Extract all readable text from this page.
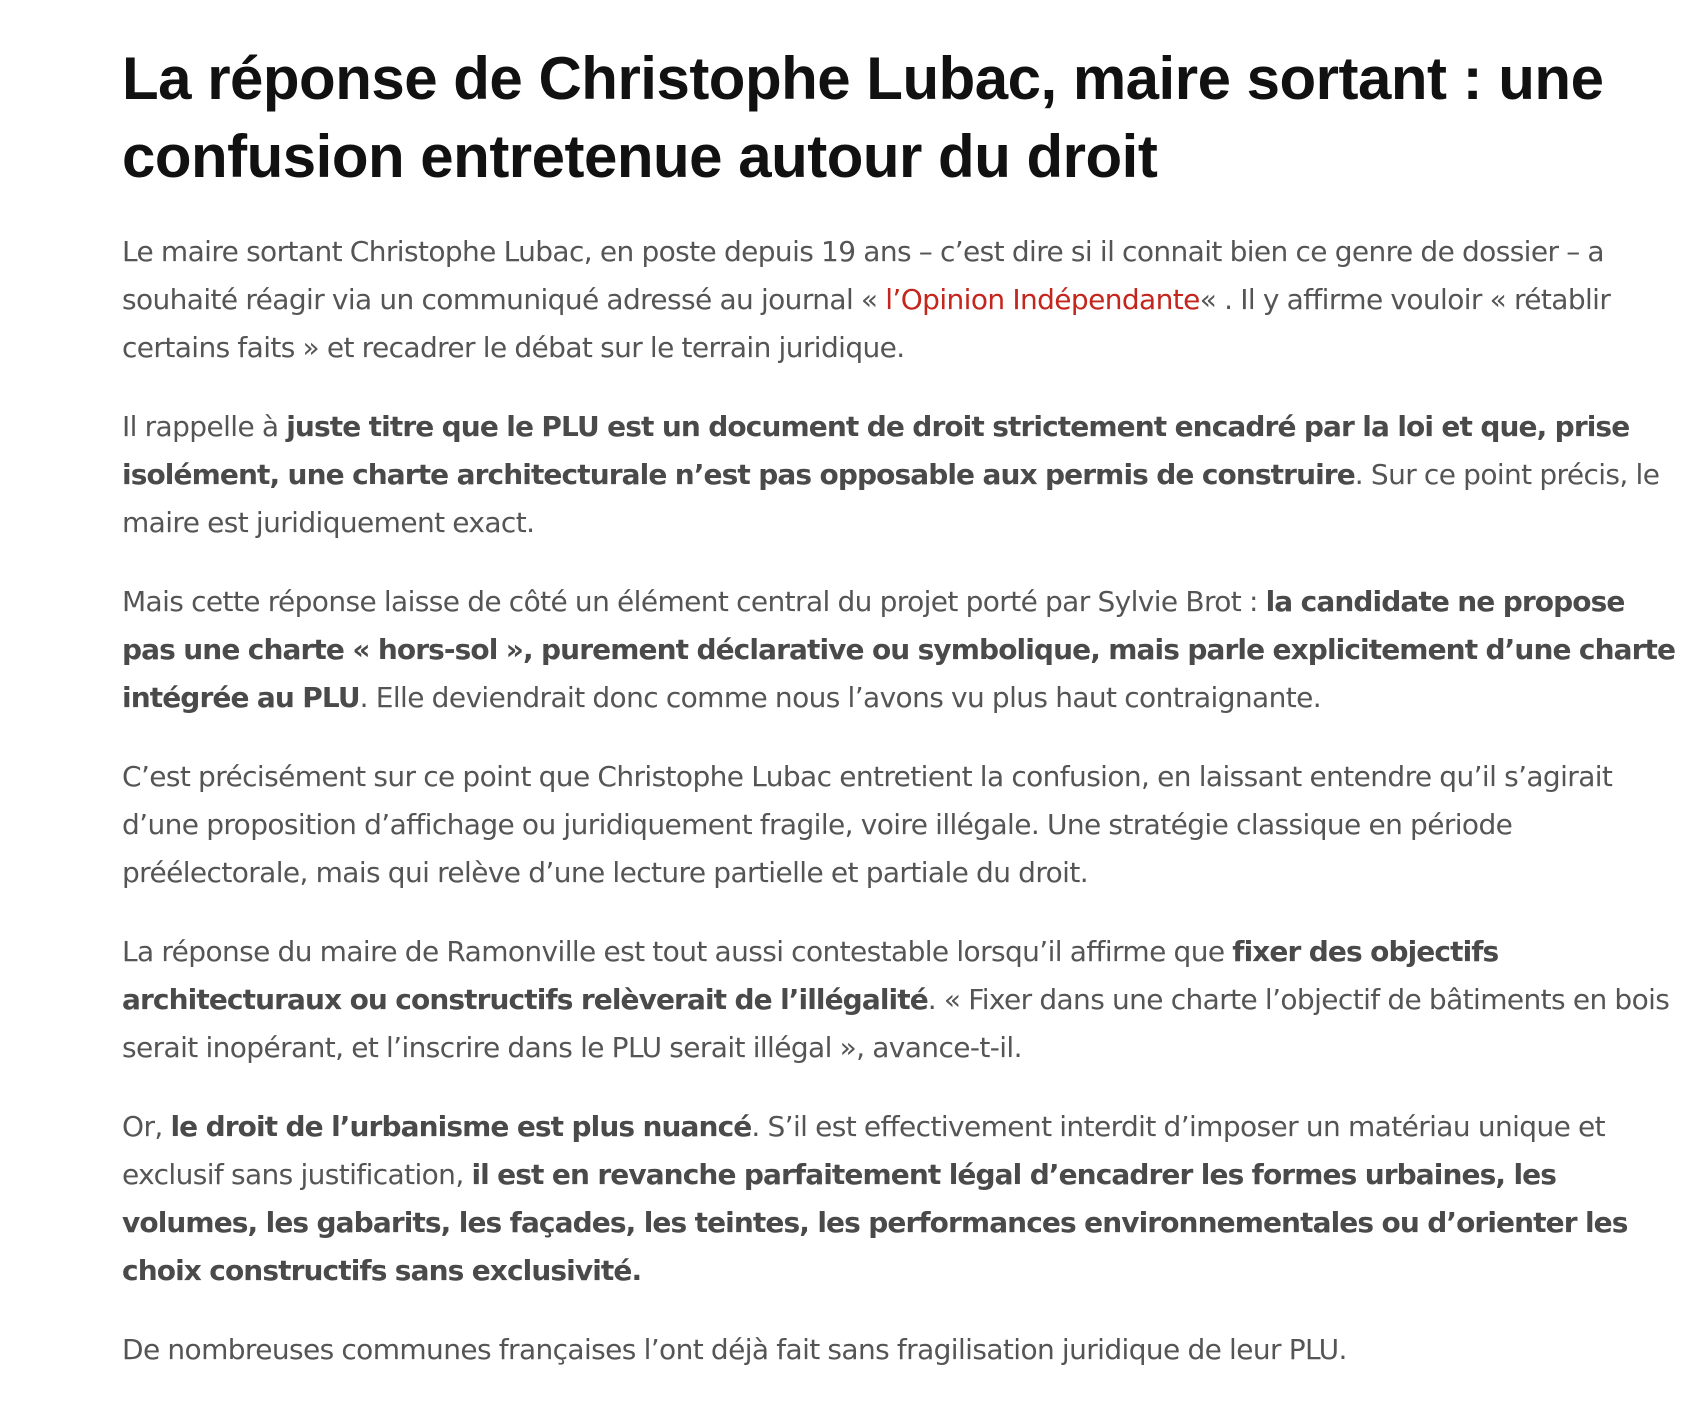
La réponse de Christophe Lubac, maire sortant : une confusion entretenue autour du droit

Le maire sortant Christophe Lubac, en poste depuis 19 ans – c’est dire si il connait bien ce genre de dossier – a souhaité réagir via un communiqué adressé au journal « l’Opinion Indépendante« . Il y affirme vouloir « rétablir certains faits » et recadrer le débat sur le terrain juridique.

Il rappelle à juste titre que le PLU est un document de droit strictement encadré par la loi et que, prise isolément, une charte architecturale n’est pas opposable aux permis de construire. Sur ce point précis, le maire est juridiquement exact.

Mais cette réponse laisse de côté un élément central du projet porté par Sylvie Brot : la candidate ne propose pas une charte « hors-sol », purement déclarative ou symbolique, mais parle explicitement d’une charte intégrée au PLU. Elle deviendrait donc comme nous l’avons vu plus haut contraignante.

C’est précisément sur ce point que Christophe Lubac entretient la confusion, en laissant entendre qu’il s’agirait d’une proposition d’affichage ou juridiquement fragile, voire illégale. Une stratégie classique en période préélectorale, mais qui relève d’une lecture partielle et partiale du droit.

La réponse du maire de Ramonville est tout aussi contestable lorsqu’il affirme que fixer des objectifs architecturaux ou constructifs relèverait de l’illégalité. « Fixer dans une charte l’objectif de bâtiments en bois serait inopérant, et l’inscrire dans le PLU serait illégal », avance-t-il.

Or, le droit de l’urbanisme est plus nuancé. S’il est effectivement interdit d’imposer un matériau unique et exclusif sans justification, il est en revanche parfaitement légal d’encadrer les formes urbaines, les volumes, les gabarits, les façades, les teintes, les performances environnementales ou d’orienter les choix constructifs sans exclusivité.

De nombreuses communes françaises l’ont déjà fait sans fragilisation juridique de leur PLU.
